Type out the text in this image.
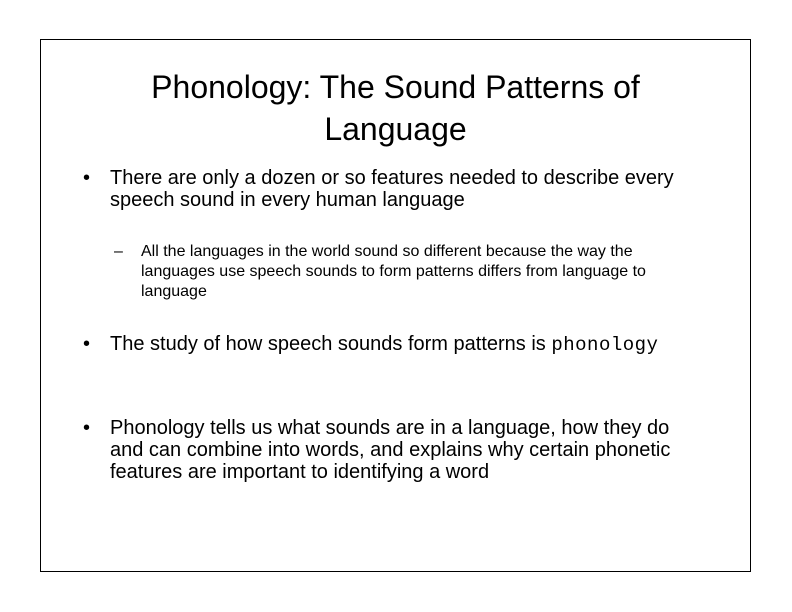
Phonology: The Sound Patterns of
Language
• There are only a dozen or so features needed to describe every speech sound in every human language
– All the languages in the world sound so different because the way the languages use speech sounds to form patterns differs from language to language
• The study of how speech sounds form patterns is phonology
• Phonology tells us what sounds are in a language, how they do and can combine into words, and explains why certain phonetic features are important to identifying a word
